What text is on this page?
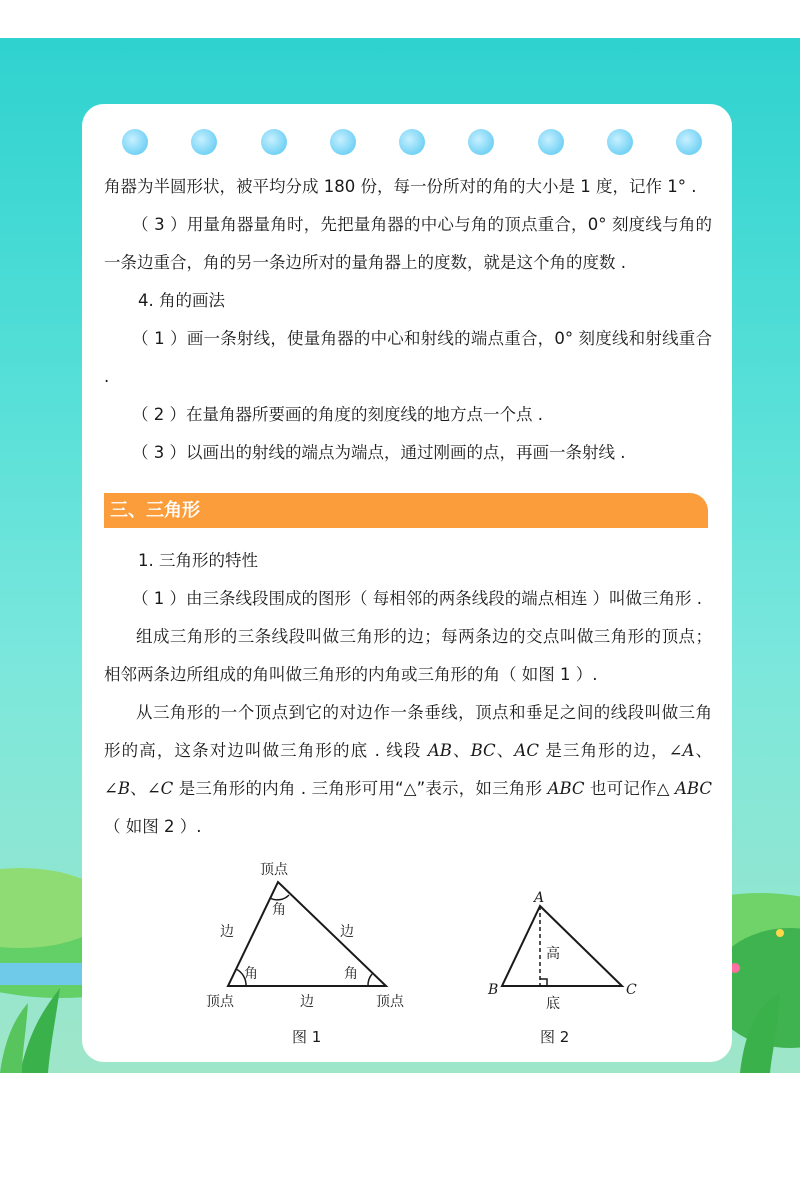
角器为半圆形状，被平均分成 180 份，每一份所对的角的大小是 1 度，记作 1° .
（ 3 ）用量角器量角时，先把量角器的中心与角的顶点重合，0° 刻度线与角的一条边重合，角的另一条边所对的量角器上的度数，就是这个角的度数 .
4. 角的画法
（ 1 ）画一条射线，使量角器的中心和射线的端点重合，0° 刻度线和射线重合 .
（ 2 ）在量角器所要画的角度的刻度线的地方点一个点 .
（ 3 ）以画出的射线的端点为端点，通过刚画的点，再画一条射线 .
三、三角形
1. 三角形的特性
（ 1 ）由三条线段围成的图形（ 每相邻的两条线段的端点相连 ）叫做三角形 .
组成三角形的三条线段叫做三角形的边；每两条边的交点叫做三角形的顶点；相邻两条边所组成的角叫做三角形的内角或三角形的角（ 如图 1 ）.
从三角形的一个顶点到它的对边作一条垂线，顶点和垂足之间的线段叫做三角形的高，这条对边叫做三角形的底 . 线段 AB、BC、AC 是三角形的边，∠A、∠B、∠C 是三角形的内角 . 三角形可用“△”表示，如三角形 ABC 也可记作△ ABC（ 如图 2 ）.
顶点
角
边	边
角	角
顶点	边	顶点
图 1
A
B	C
高
底
图 2
